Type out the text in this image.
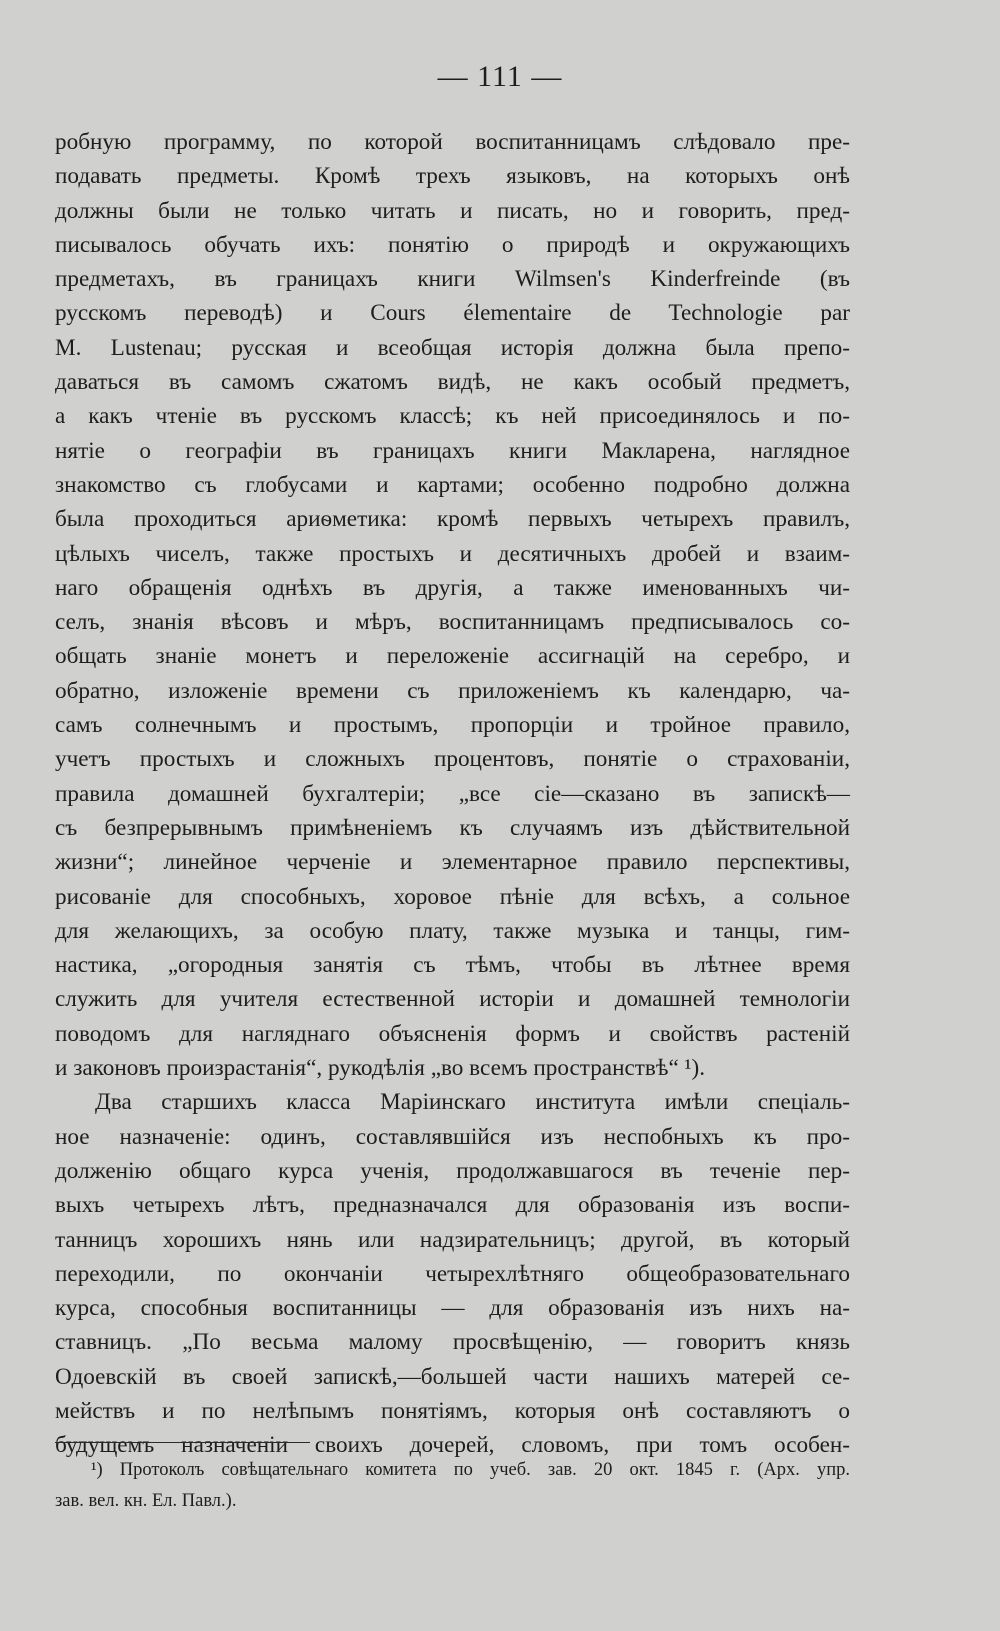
— 111 —
робную программу, по которой воспитанницамъ слѣдовало пре-
подавать предметы. Кромѣ трехъ языковъ, на которыхъ онѣ
должны были не только читать и писать, но и говорить, пред-
писывалось обучать ихъ: понятію о природѣ и окружающихъ
предметахъ, въ границахъ книги Wilmsen's Kinderfreinde (въ
русскомъ переводѣ) и Cours élementaire de Technologie par
M. Lustenau; русская и всеобщая исторія должна была препо-
даваться въ самомъ сжатомъ видѣ, не какъ особый предметъ,
а какъ чтеніе въ русскомъ классѣ; къ ней присоединялось и по-
нятіе о географіи въ границахъ книги Макларена, наглядное
знакомство съ глобусами и картами; особенно подробно должна
была проходиться ариѳметика: кромѣ первыхъ четырехъ правилъ,
цѣлыхъ чиселъ, также простыхъ и десятичныхъ дробей и взаим-
наго обращенія однѣхъ въ другія, а также именованныхъ чи-
селъ, знанія вѣсовъ и мѣръ, воспитанницамъ предписывалось со-
общать знаніе монетъ и переложеніе ассигнацій на серебро, и
обратно, изложеніе времени съ приложеніемъ къ календарю, ча-
самъ солнечнымъ и простымъ, пропорціи и тройное правило,
учетъ простыхъ и сложныхъ процентовъ, понятіе о страхованіи,
правила домашней бухгалтеріи; „все сіе—сказано въ запискѣ—
съ безпрерывнымъ примѣненіемъ къ случаямъ изъ дѣйствительной
жизни“; линейное черченіе и элементарное правило перспективы,
рисованіе для способныхъ, хоровое пѣніе для всѣхъ, а сольное
для желающихъ, за особую плату, также музыка и танцы, гим-
настика, „огородныя занятія съ тѣмъ, чтобы въ лѣтнее время
служить для учителя естественной исторіи и домашней темнологіи
поводомъ для нагляднаго объясненія формъ и свойствъ растеній
и законовъ произрастанія“, рукодѣлія „во всемъ пространствѣ“ ¹).
Два старшихъ класса Маріинскаго института имѣли спеціаль-
ное назначеніе: одинъ, составлявшійся изъ неспобныхъ къ про-
долженію общаго курса ученія, продолжавшагося въ теченіе пер-
выхъ четырехъ лѣтъ, предназначался для образованія изъ воспи-
танницъ хорошихъ нянь или надзирательницъ; другой, въ который
переходили, по окончаніи четырехлѣтняго общеобразовательнаго
курса, способныя воспитанницы — для образованія изъ нихъ на-
ставницъ. „По весьма малому просвѣщенію, — говоритъ князь
Одоевскій въ своей запискѣ,—большей части нашихъ матерей се-
мействъ и по нелѣпымъ понятіямъ, которыя онѣ составляютъ о
будущемъ назначеніи своихъ дочерей, словомъ, при томъ особен-
¹) Протоколъ совѣщательнаго комитета по учеб. зав. 20 окт. 1845 г. (Арх. упр.
зав. вел. кн. Ел. Павл.).
